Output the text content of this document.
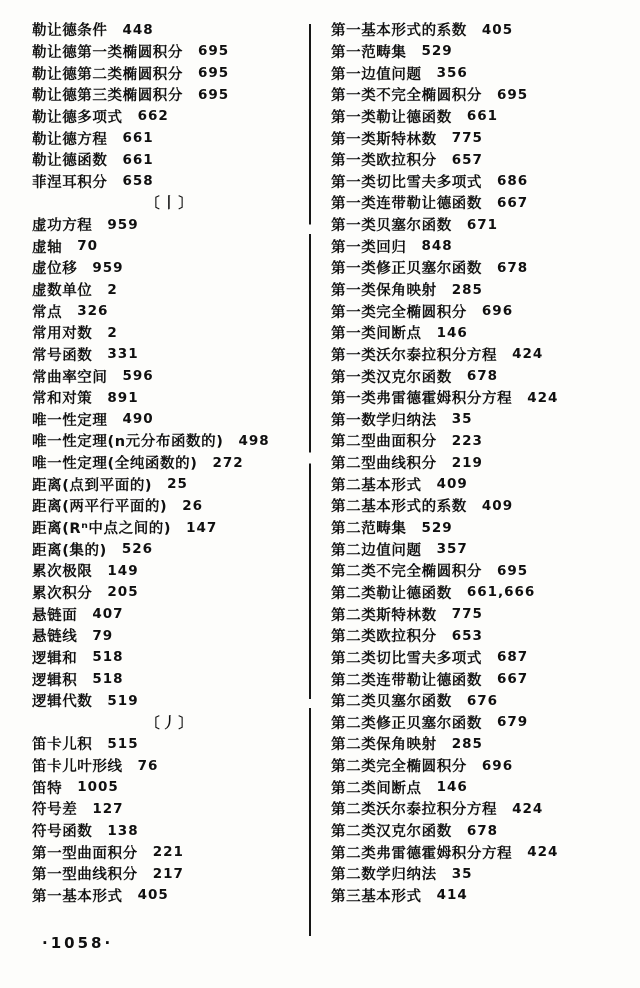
勒让德条件 448
勒让德第一类椭圆积分 695
勒让德第二类椭圆积分 695
勒让德第三类椭圆积分 695
勒让德多项式 662
勒让德方程 661
勒让德函数 661
菲涅耳积分 658
〔丨〕
虚功方程 959
虚轴 70
虚位移 959
虚数单位 2
常点 326
常用对数 2
常号函数 331
常曲率空间 596
常和对策 891
唯一性定理 490
唯一性定理(n元分布函数的) 498
唯一性定理(全纯函数的) 272
距离(点到平面的) 25
距离(两平行平面的) 26
距离(Rⁿ中点之间的) 147
距离(集的) 526
累次极限 149
累次积分 205
悬链面 407
悬链线 79
逻辑和 518
逻辑积 518
逻辑代数 519
〔丿〕
笛卡儿积 515
笛卡儿叶形线 76
笛特 1005
符号差 127
符号函数 138
第一型曲面积分 221
第一型曲线积分 217
第一基本形式 405
第一基本形式的系数 405
第一范畴集 529
第一边值问题 356
第一类不完全椭圆积分 695
第一类勒让德函数 661
第一类斯特林数 775
第一类欧拉积分 657
第一类切比雪夫多项式 686
第一类连带勒让德函数 667
第一类贝塞尔函数 671
第一类回归 848
第一类修正贝塞尔函数 678
第一类保角映射 285
第一类完全椭圆积分 696
第一类间断点 146
第一类沃尔泰拉积分方程 424
第一类汉克尔函数 678
第一类弗雷德霍姆积分方程 424
第一数学归纳法 35
第二型曲面积分 223
第二型曲线积分 219
第二基本形式 409
第二基本形式的系数 409
第二范畴集 529
第二边值问题 357
第二类不完全椭圆积分 695
第二类勒让德函数 661,666
第二类斯特林数 775
第二类欧拉积分 653
第二类切比雪夫多项式 687
第二类连带勒让德函数 667
第二类贝塞尔函数 676
第二类修正贝塞尔函数 679
第二类保角映射 285
第二类完全椭圆积分 696
第二类间断点 146
第二类沃尔泰拉积分方程 424
第二类汉克尔函数 678
第二类弗雷德霍姆积分方程 424
第二数学归纳法 35
第三基本形式 414
·1058·
